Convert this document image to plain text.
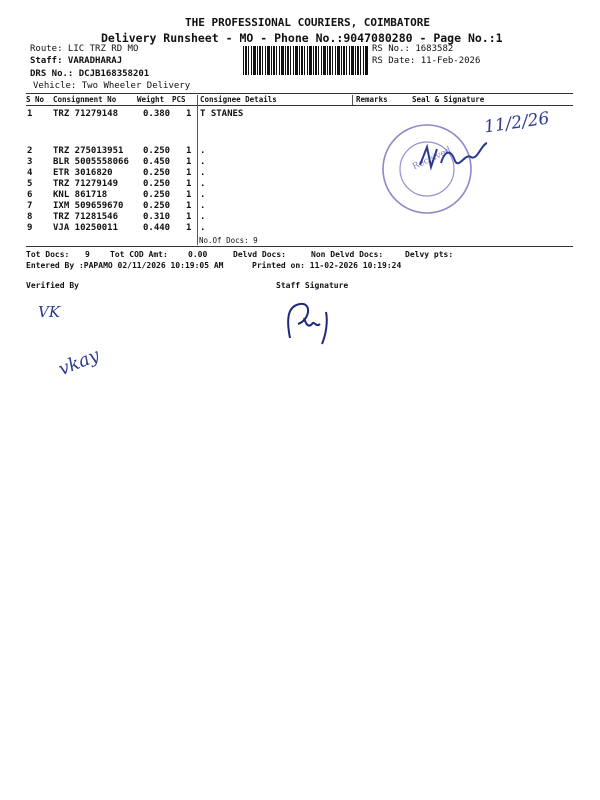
THE PROFESSIONAL COURIERS, COIMBATORE
Delivery Runsheet - MO - Phone No.:9047080280 - Page No.:1
Route: LIC TRZ RD MO
Staff: VARADHARAJ
DRS No.: DCJB168358201
Vehicle: Two Wheeler Delivery
RS No.: 1683582
RS Date: 11-Feb-2026
S No Consignment No	Weight PCS Consignee Details	Remarks	Seal & Signature
1 TRZ 71279148	0.380 1 T STANES
2 TRZ 275013951 0.250 1 .
3 BLR 5005558066 0.450 1 .
4 ETR 3016820	0.250 1 .
5 TRZ 71279149	0.250 1 .
6 KNL 861718	0.250 1 .
7 IXM 509659670 0.250 1 .
8 TRZ 71281546	0.310 1 .
9 VJA 10250011	0.440 1 .
No.Of Docs: 9
Tot Docs: 9	Tot COD Amt:	0.00	Delvd Docs:	Non Delvd Docs:	Delvy pts:
Entered By :PAPAMO 02/11/2026 10:19:05 AM	Printed on: 11-02-2026 10:19:24
Verified By	Staff Signature
Received
11/2/26
VK
vkay
